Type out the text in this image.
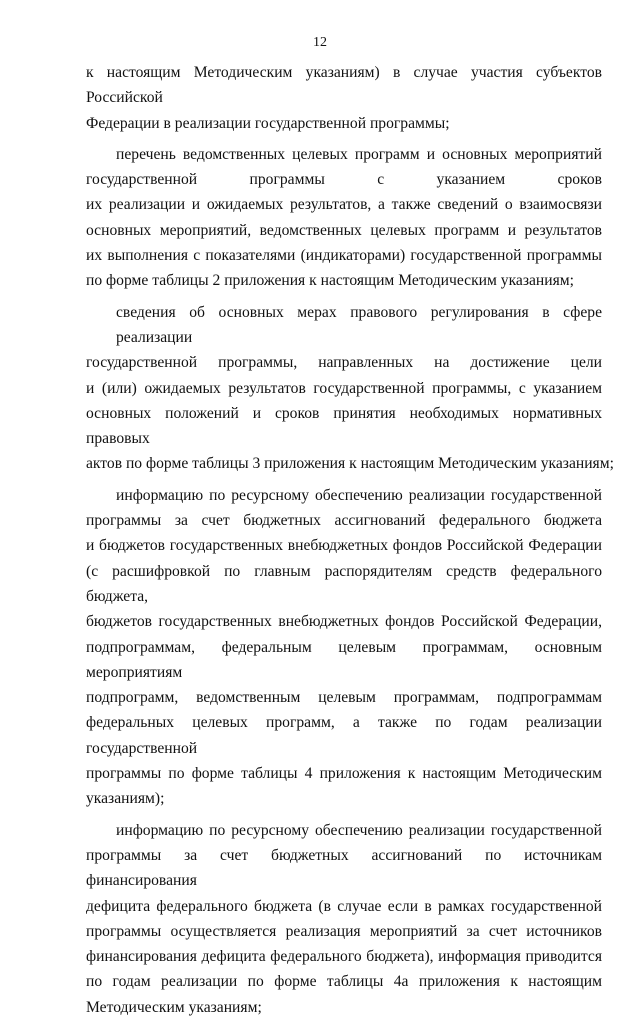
12

к настоящим Методическим указаниям) в случае участия субъектов Российской
Федерации в реализации государственной программы;

перечень ведомственных целевых программ и основных мероприятий
государственной программы с указанием сроков
их реализации и ожидаемых результатов, а также сведений о взаимосвязи
основных мероприятий, ведомственных целевых программ и результатов
их выполнения с показателями (индикаторами) государственной программы
по форме таблицы 2 приложения к настоящим Методическим указаниям;

сведения об основных мерах правового регулирования в сфере реализации
государственной программы, направленных на достижение цели
и (или) ожидаемых результатов государственной программы, с указанием
основных положений и сроков принятия необходимых нормативных правовых
актов по форме таблицы 3 приложения к настоящим Методическим указаниям;

информацию по ресурсному обеспечению реализации государственной
программы за счет бюджетных ассигнований федерального бюджета
и бюджетов государственных внебюджетных фондов Российской Федерации
(с расшифровкой по главным распорядителям средств федерального бюджета,
бюджетов государственных внебюджетных фондов Российской Федерации,
подпрограммам, федеральным целевым программам, основным мероприятиям
подпрограмм, ведомственным целевым программам, подпрограммам
федеральных целевых программ, а также по годам реализации государственной
программы по форме таблицы 4 приложения к настоящим Методическим
указаниям);

информацию по ресурсному обеспечению реализации государственной
программы за счет бюджетных ассигнований по источникам финансирования
дефицита федерального бюджета (в случае если в рамках государственной
программы осуществляется реализация мероприятий за счет источников
финансирования дефицита федерального бюджета), информация приводится
по годам реализации по форме таблицы 4а приложения к настоящим
Методическим указаниям;
